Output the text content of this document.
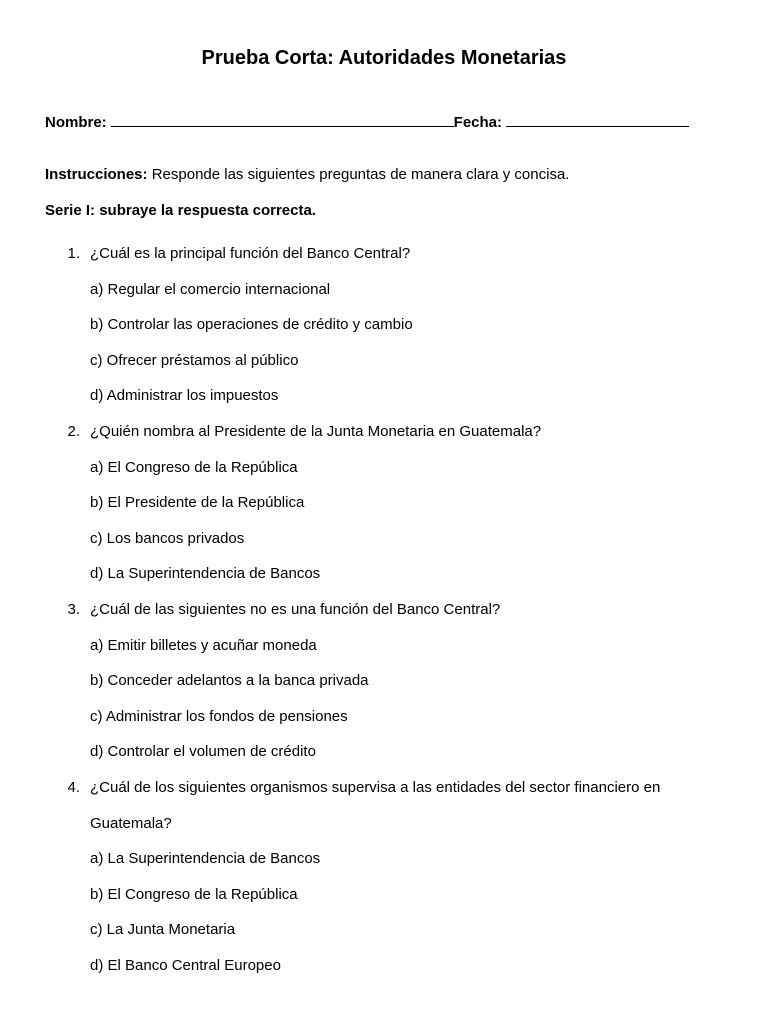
Prueba Corta: Autoridades Monetarias
Nombre:	Fecha:
Instrucciones: Responde las siguientes preguntas de manera clara y concisa.
Serie I: subraye la respuesta correcta.
1. ¿Cuál es la principal función del Banco Central?
a) Regular el comercio internacional
b) Controlar las operaciones de crédito y cambio
c) Ofrecer préstamos al público
d) Administrar los impuestos
2. ¿Quién nombra al Presidente de la Junta Monetaria en Guatemala?
a) El Congreso de la República
b) El Presidente de la República
c) Los bancos privados
d) La Superintendencia de Bancos
3. ¿Cuál de las siguientes no es una función del Banco Central?
a) Emitir billetes y acuñar moneda
b) Conceder adelantos a la banca privada
c) Administrar los fondos de pensiones
d) Controlar el volumen de crédito
4. ¿Cuál de los siguientes organismos supervisa a las entidades del sector financiero en Guatemala?
a) La Superintendencia de Bancos
b) El Congreso de la República
c) La Junta Monetaria
d) El Banco Central Europeo
